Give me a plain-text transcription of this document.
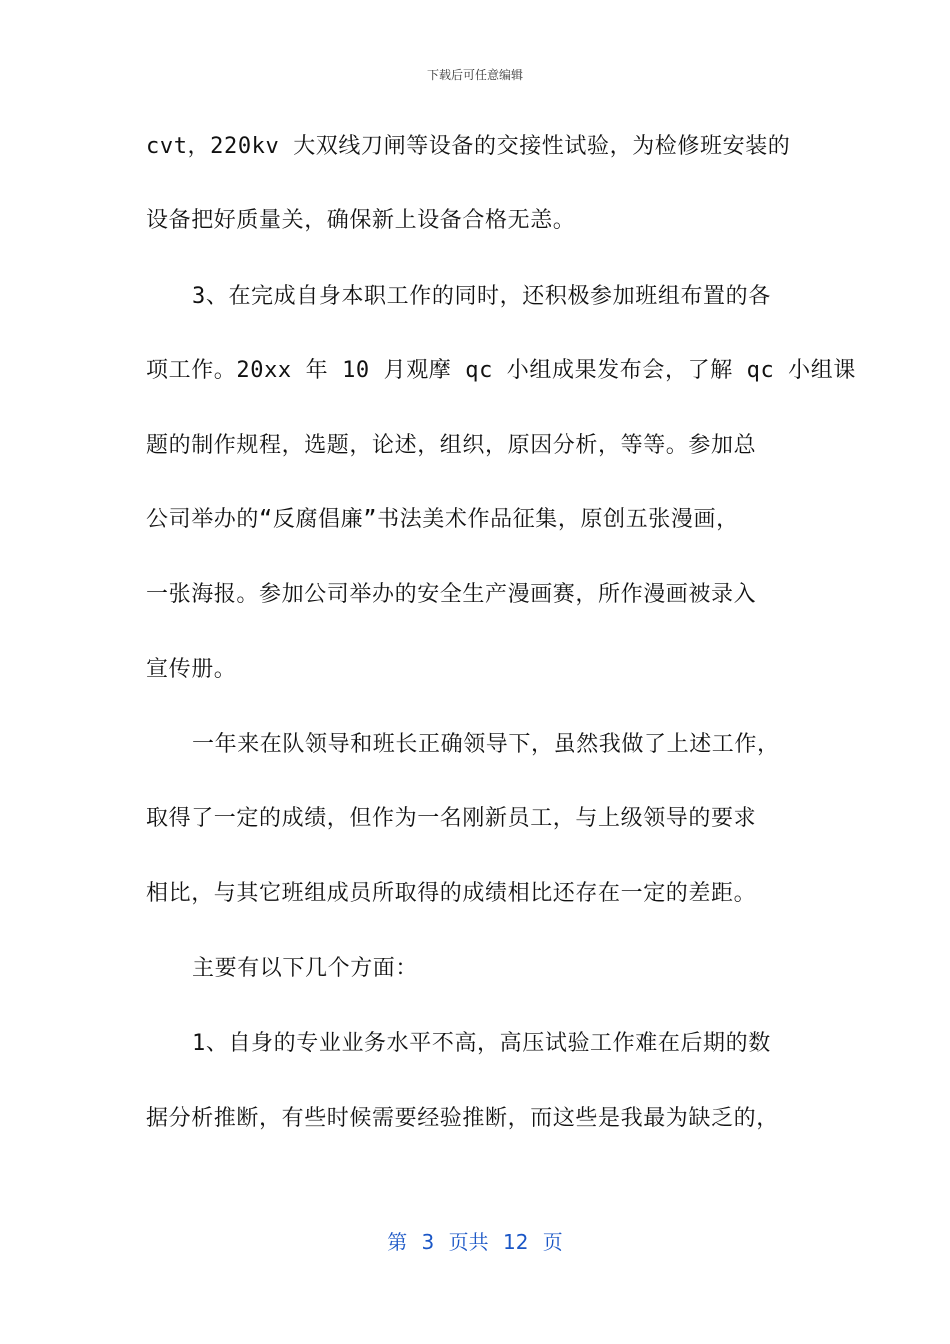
下载后可任意编辑
cvt，220kv 大双线刀闸等设备的交接性试验，为检修班安装的
设备把好质量关，确保新上设备合格无恙。
3、在完成自身本职工作的同时，还积极参加班组布置的各
项工作。20xx 年 10 月观摩 qc 小组成果发布会，了解 qc 小组课
题的制作规程，选题，论述，组织，原因分析，等等。参加总
公司举办的“反腐倡廉”书法美术作品征集，原创五张漫画，
一张海报。参加公司举办的安全生产漫画赛，所作漫画被录入
宣传册。
一年来在队领导和班长正确领导下，虽然我做了上述工作，
取得了一定的成绩，但作为一名刚新员工，与上级领导的要求
相比，与其它班组成员所取得的成绩相比还存在一定的差距。
主要有以下几个方面：
1、自身的专业业务水平不高，高压试验工作难在后期的数
据分析推断，有些时候需要经验推断，而这些是我最为缺乏的，
第 3 页共 12 页
